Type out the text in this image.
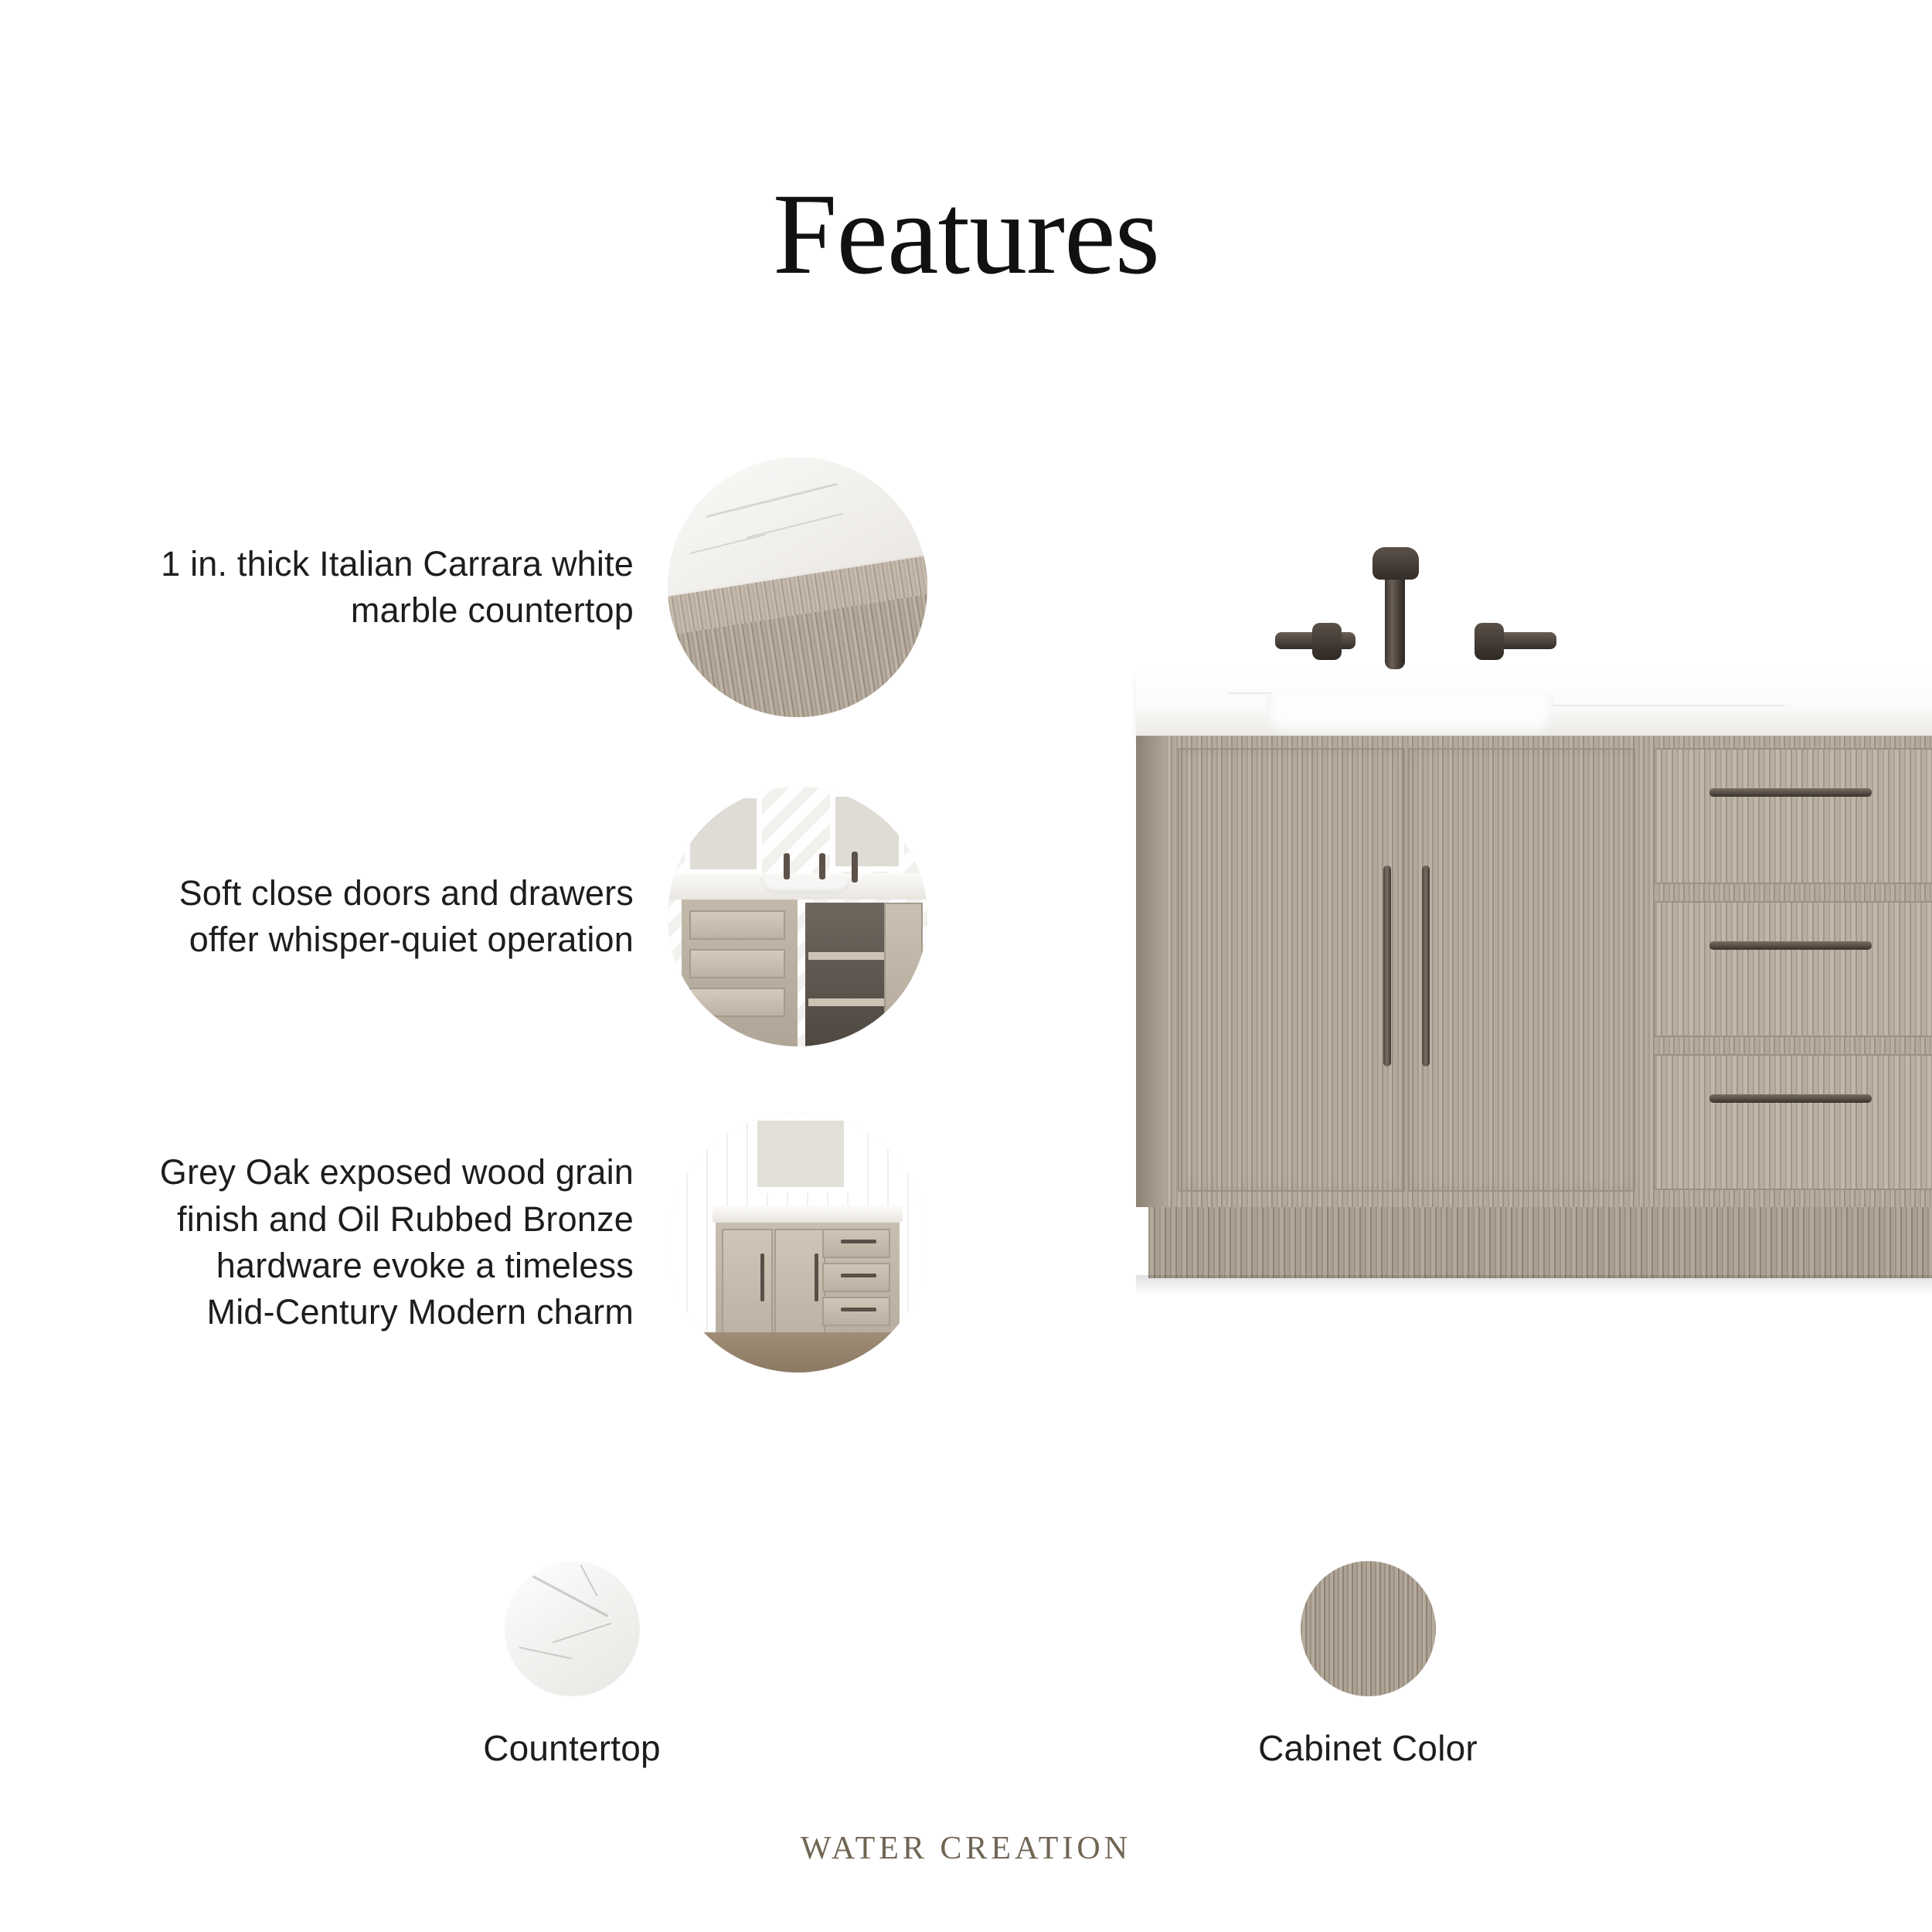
Features
1 in. thick Italian Carrara white marble countertop
Soft close doors and drawers offer whisper-quiet operation
Grey Oak exposed wood grain finish and Oil Rubbed Bronze hardware evoke a timeless Mid-Century Modern charm
Countertop	Cabinet Color
WATER CREATION
